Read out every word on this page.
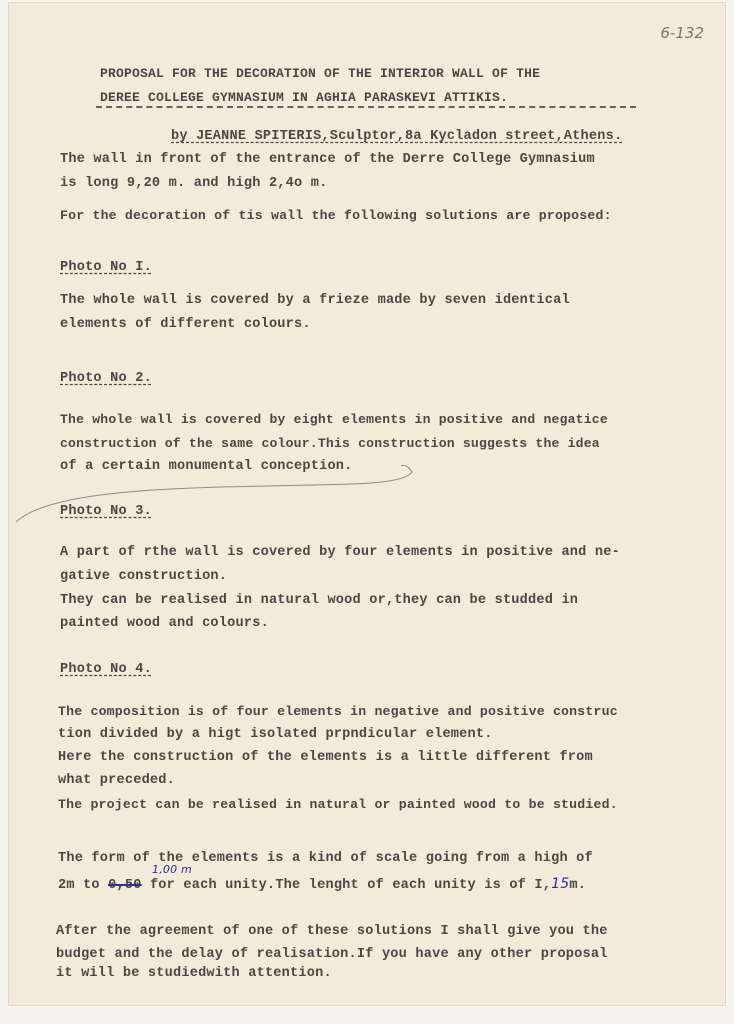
6-132
PROPOSAL FOR THE DECORATION OF THE INTERIOR WALL OF THE
DEREE COLLEGE GYMNASIUM IN AGHIA PARASKEVI ATTIKIS.
by JEANNE SPITERIS,Sculptor,8a Kycladon street,Athens.
The wall in front of the entrance of the Derre College Gymnasium
is long 9,20 m. and high 2,4o m.
For the decoration of tis wall the following solutions are proposed:
Photo No I.
The whole wall is covered by a frieze made by seven identical
elements of different colours.
Photo No 2.
The whole wall is covered by eight elements in positive and negatice
construction of the same colour.This construction suggests the idea
of a certain monumental conception.
Photo No 3.
A part of rthe wall is covered by four elements in positive and ne-
gative construction.
They can be realised in natural wood or,they can be studded in
painted wood and colours.
Photo No 4.
The composition is of four elements in negative and positive construc
tion divided by a higt isolated prpndicular element.
Here the construction of the elements is a little different from
what preceded.
The project can be realised in natural or painted wood to be studied.
The form of the elements is a kind of scale going from a high of
2m to 0,50
1,00 m
for each unity.The lenght of each unity is of I,15m.
After the agreement of one of these solutions I shall give you the
budget and the delay of realisation.If you have any other proposal
it will be studiedwith attention.
